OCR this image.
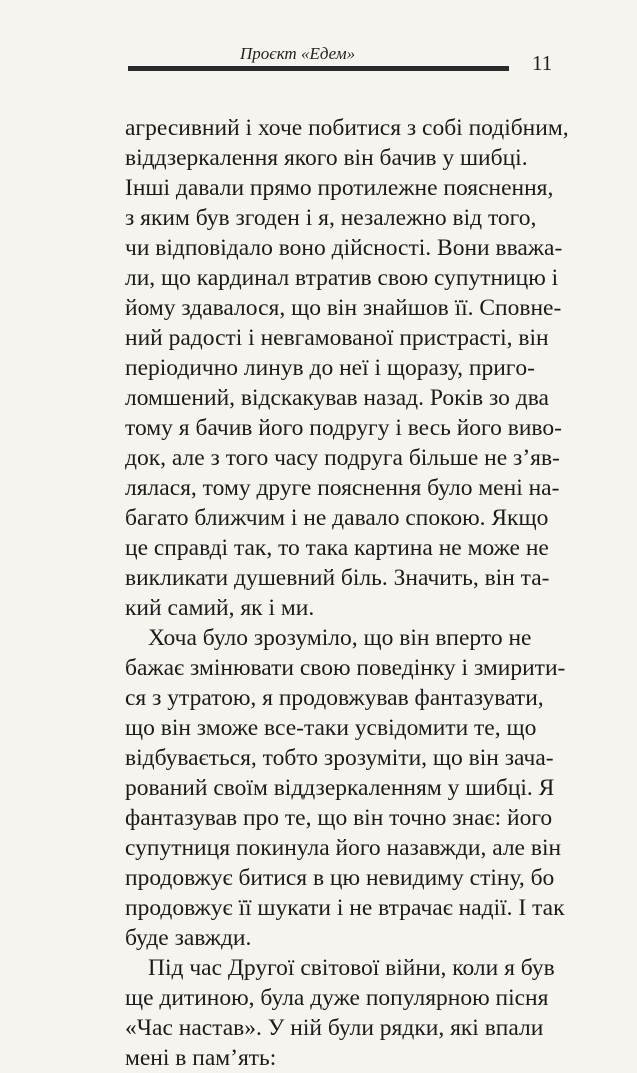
Проєкт «Едем»	11
агресивний і хоче побитися з собі подібним,
віддзеркалення якого він бачив у шибці.
Інші давали прямо протилежне пояснення,
з яким був згоден і я, незалежно від того,
чи відповідало воно дійсності. Вони вважа-
ли, що кардинал втратив свою супутницю і
йому здавалося, що він знайшов її. Сповне-
ний радості і невгамованої пристрасті, він
періодично линув до неї і щоразу, пригo-
ломшений, відскакував назад. Років зо два
тому я бачив його подругу і весь його виво-
док, але з того часу подруга більше не з’яв-
лялася, тому друге пояснення було мені на-
багато ближчим і не давало спокою. Якщо
це справді так, то така картина не може не
викликати душевний біль. Значить, він та-
кий самий, як і ми.
Хоча було зрозуміло, що він вперто не
бажає змінювати свою поведінку і змирити-
ся з утратою, я продовжував фантазувати,
що він зможе все-таки усвідомити те, що
відбувається, тобто зрозуміти, що він зача-
рований своїм віддзеркаленням у шибці. Я
фантазував про те, що він точно знає: його
супутниця покинула його назавжди, але він
продовжує битися в цю невидиму стіну, бо
продовжує її шукати і не втрачає надії. І так
буде завжди.
Під час Другої світової війни, коли я був
ще дитиною, була дуже популярною пісня
«Час настав». У ній були рядки, які впали
мені в пам’ять:
